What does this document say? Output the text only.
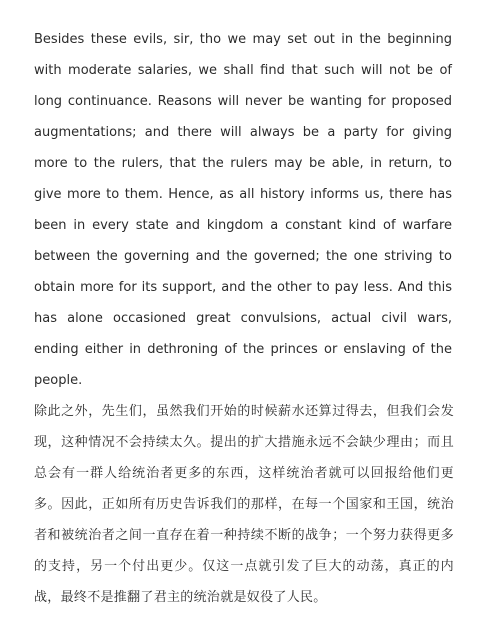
Besides these evils, sir, tho we may set out in the beginning with moderate salaries, we shall find that such will not be of long continuance. Reasons will never be wanting for proposed augmentations; and there will always be a party for giving more to the rulers, that the rulers may be able, in return, to give more to them. Hence, as all history informs us, there has been in every state and kingdom a constant kind of warfare between the governing and the governed; the one striving to obtain more for its support, and the other to pay less. And this has alone occasioned great convulsions, actual civil wars, ending either in dethroning of the princes or enslaving of the people.

除此之外，先生们，虽然我们开始的时候薪水还算过得去，但我们会发现，这种情况不会持续太久。提出的扩大措施永远不会缺少理由；而且总会有一群人给统治者更多的东西，这样统治者就可以回报给他们更多。因此，正如所有历史告诉我们的那样，在每一个国家和王国，统治者和被统治者之间一直存在着一种持续不断的战争；一个努力获得更多的支持，另一个付出更少。仅这一点就引发了巨大的动荡，真正的内战，最终不是推翻了君主的统治就是奴役了人民。
